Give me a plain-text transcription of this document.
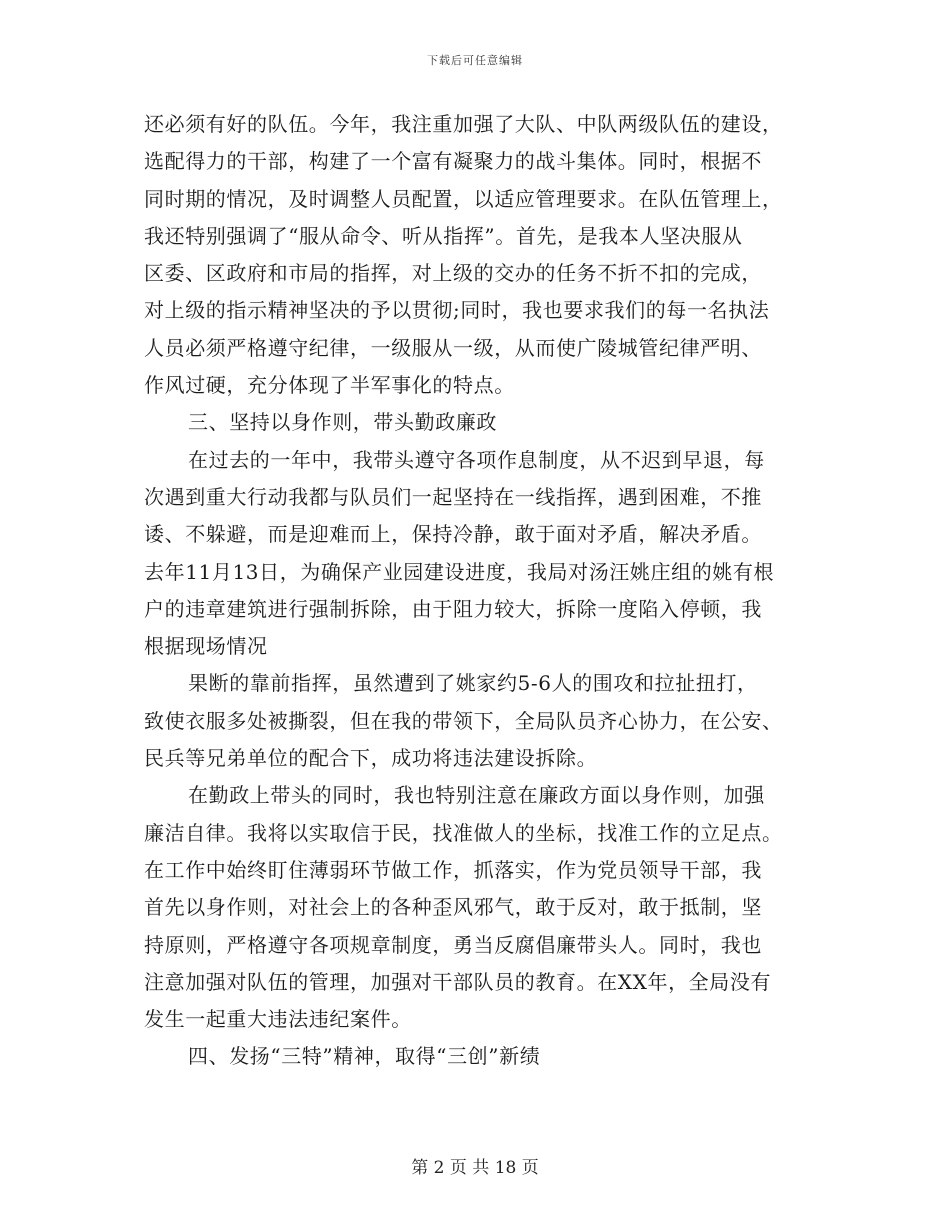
下载后可任意编辑
还必须有好的队伍。今年，我注重加强了大队、中队两级队伍的建设，
选配得力的干部，构建了一个富有凝聚力的战斗集体。同时，根据不
同时期的情况，及时调整人员配置，以适应管理要求。在队伍管理上，
我还特别强调了“服从命令、听从指挥”。首先，是我本人坚决服从
区委、区政府和市局的指挥，对上级的交办的任务不折不扣的完成，
对上级的指示精神坚决的予以贯彻;同时，我也要求我们的每一名执法
人员必须严格遵守纪律，一级服从一级，从而使广陵城管纪律严明、
作风过硬，充分体现了半军事化的特点。
三、坚持以身作则，带头勤政廉政
在过去的一年中，我带头遵守各项作息制度，从不迟到早退，每
次遇到重大行动我都与队员们一起坚持在一线指挥，遇到困难，不推
诿、不躲避，而是迎难而上，保持冷静，敢于面对矛盾，解决矛盾。
去年11月13日，为确保产业园建设进度，我局对汤汪姚庄组的姚有根
户的违章建筑进行强制拆除，由于阻力较大，拆除一度陷入停顿，我
根据现场情况
果断的靠前指挥，虽然遭到了姚家约5-6人的围攻和拉扯扭打，
致使衣服多处被撕裂，但在我的带领下，全局队员齐心协力，在公安、
民兵等兄弟单位的配合下，成功将违法建设拆除。
在勤政上带头的同时，我也特别注意在廉政方面以身作则，加强
廉洁自律。我将以实取信于民，找准做人的坐标，找准工作的立足点。
在工作中始终盯住薄弱环节做工作，抓落实，作为党员领导干部，我
首先以身作则，对社会上的各种歪风邪气，敢于反对，敢于抵制，坚
持原则，严格遵守各项规章制度，勇当反腐倡廉带头人。同时，我也
注意加强对队伍的管理，加强对干部队员的教育。在XX年，全局没有
发生一起重大违法违纪案件。
四、发扬“三特”精神，取得“三创”新绩
第 2 页 共 18 页
